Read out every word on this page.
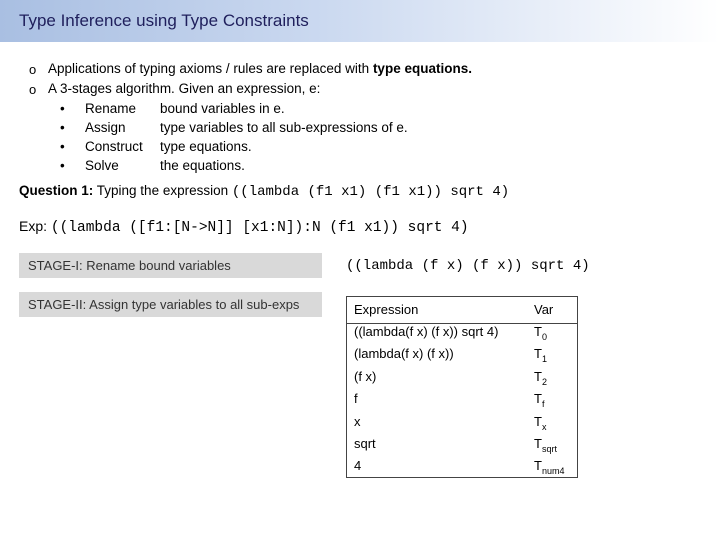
Type Inference using Type Constraints
o Applications of typing axioms / rules are replaced with type equations.
o A 3-stages algorithm. Given an expression, e:
• Rename bound variables in e.
• Assign	type variables to all sub-expressions of e.
• Construct type equations.
• Solve	the equations.
Question 1: Typing the expression ((lambda (f1 x1) (f1 x1)) sqrt 4)
Exp: ((lambda ([f1:[N->N]] [x1:N]):N (f1 x1)) sqrt 4)
STAGE-I: Rename bound variables
STAGE-II: Assign type variables to all sub-exps
((lambda (f x) (f x)) sqrt 4)
Expression	Var
((lambda(f x) (f x)) sqrt 4)	$T_0$
(lambda(f x) (f x))	$T_1$
(f x)	$T_2$
f	$T_f$
x	$T_x$
sqrt	$T_{sqrt}$
4	$T_{num4}$
